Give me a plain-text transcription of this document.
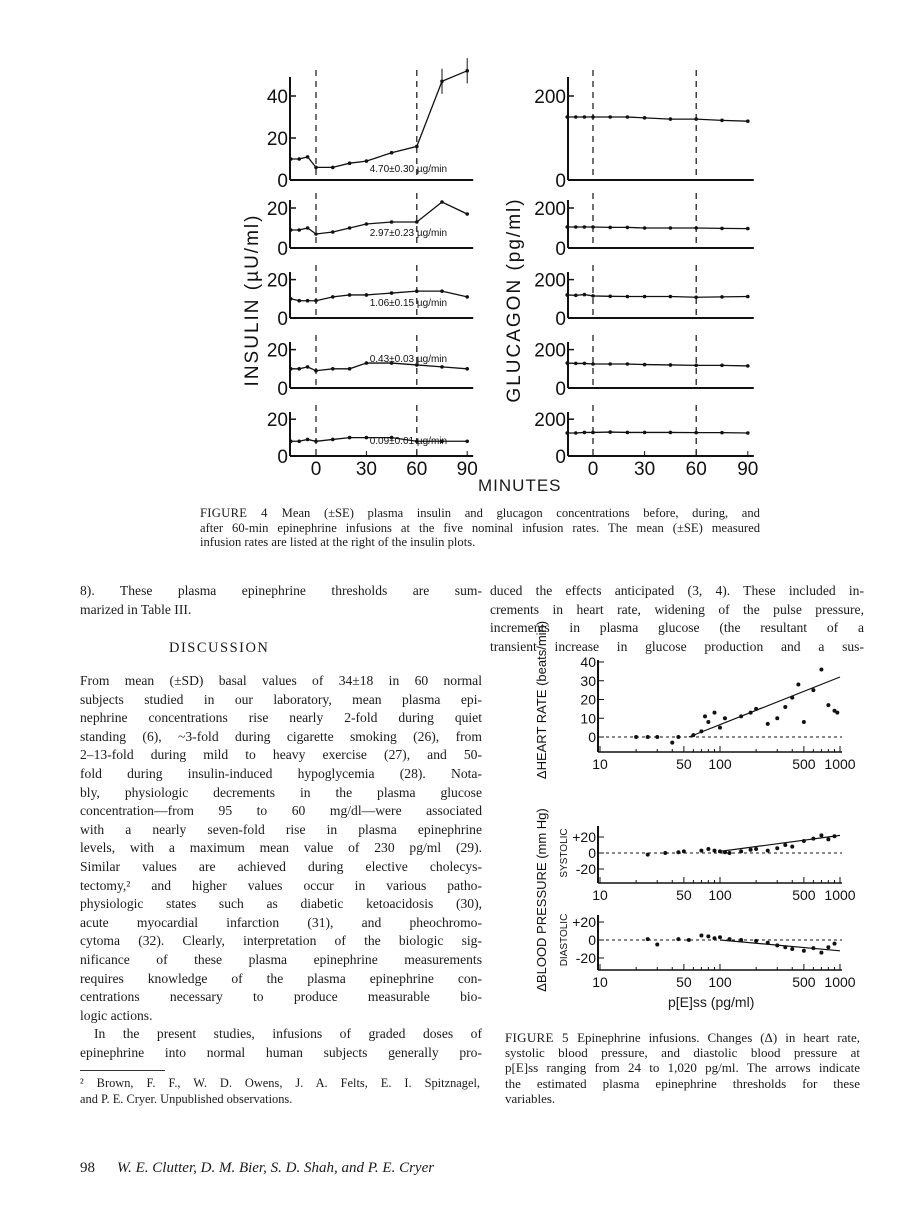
0
20
40
4.70±0.30 µg/min
0
20
2.97±0.23 µg/min
0
20
1.06±0.15 µg/min
0
20	0.43±0.03 µg/min
0
20
0.09±0.01 µg/min
0 30 60 90
0
200
0
200
0
200
0
200
0
200
0 30 60 90
INSULIN (µU/ml)	GLUCAGON (pg/ml)
MINUTES
FIGURE 4 Mean (±SE) plasma insulin and glucagon concentrations before, during, and
after 60-min epinephrine infusions at the five nominal infusion rates. The mean (±SE) measured
infusion rates are listed at the right of the insulin plots.
8). These plasma epinephrine thresholds are sum-
marized in Table III.
DISCUSSION
From mean (±SD) basal values of 34±18 in 60 normal
subjects studied in our laboratory, mean plasma epi-
nephrine concentrations rise nearly 2-fold during quiet
standing (6), ~3-fold during cigarette smoking (26), from
2–13-fold during mild to heavy exercise (27), and 50-
fold during insulin-induced hypoglycemia (28). Nota-
bly, physiologic decrements in the plasma glucose
concentration—from 95 to 60 mg/dl—were associated
with a nearly seven-fold rise in plasma epinephrine
levels, with a maximum mean value of 230 pg/ml (29).
Similar values are achieved during elective cholecys-
tectomy,² and higher values occur in various patho-
physiologic states such as diabetic ketoacidosis (30),
acute myocardial infarction (31), and pheochromo-
cytoma (32). Clearly, interpretation of the biologic sig-
nificance of these plasma epinephrine measurements
requires knowledge of the plasma epinephrine con-
centrations necessary to produce measurable bio-
logic actions.
In the present studies, infusions of graded doses of
epinephrine into normal human subjects generally pro-
duced the effects anticipated (3, 4). These included in-
crements in heart rate, widening of the pulse pressure,
increments in plasma glucose (the resultant of a
transient increase in glucose production and a sus-
10	50 100	500 1000
0
10
20
30
40
10	50 100	500 1000
-20
0
+20
SYSTOLIC
10	50 100	500 1000
-20
0
+20
DIASTOLIC
ΔHEART RATE (beats/min)
ΔBLOOD PRESSURE (mm Hg)
p[E]ss (pg/ml)
FIGURE 5 Epinephrine infusions. Changes (Δ) in heart rate,
systolic blood pressure, and diastolic blood pressure at
p[E]ss ranging from 24 to 1,020 pg/ml. The arrows indicate
the estimated plasma epinephrine thresholds for these
variables.
² Brown, F. F., W. D. Owens, J. A. Felts, E. I. Spitznagel,
and P. E. Cryer. Unpublished observations.
98 W. E. Clutter, D. M. Bier, S. D. Shah, and P. E. Cryer
